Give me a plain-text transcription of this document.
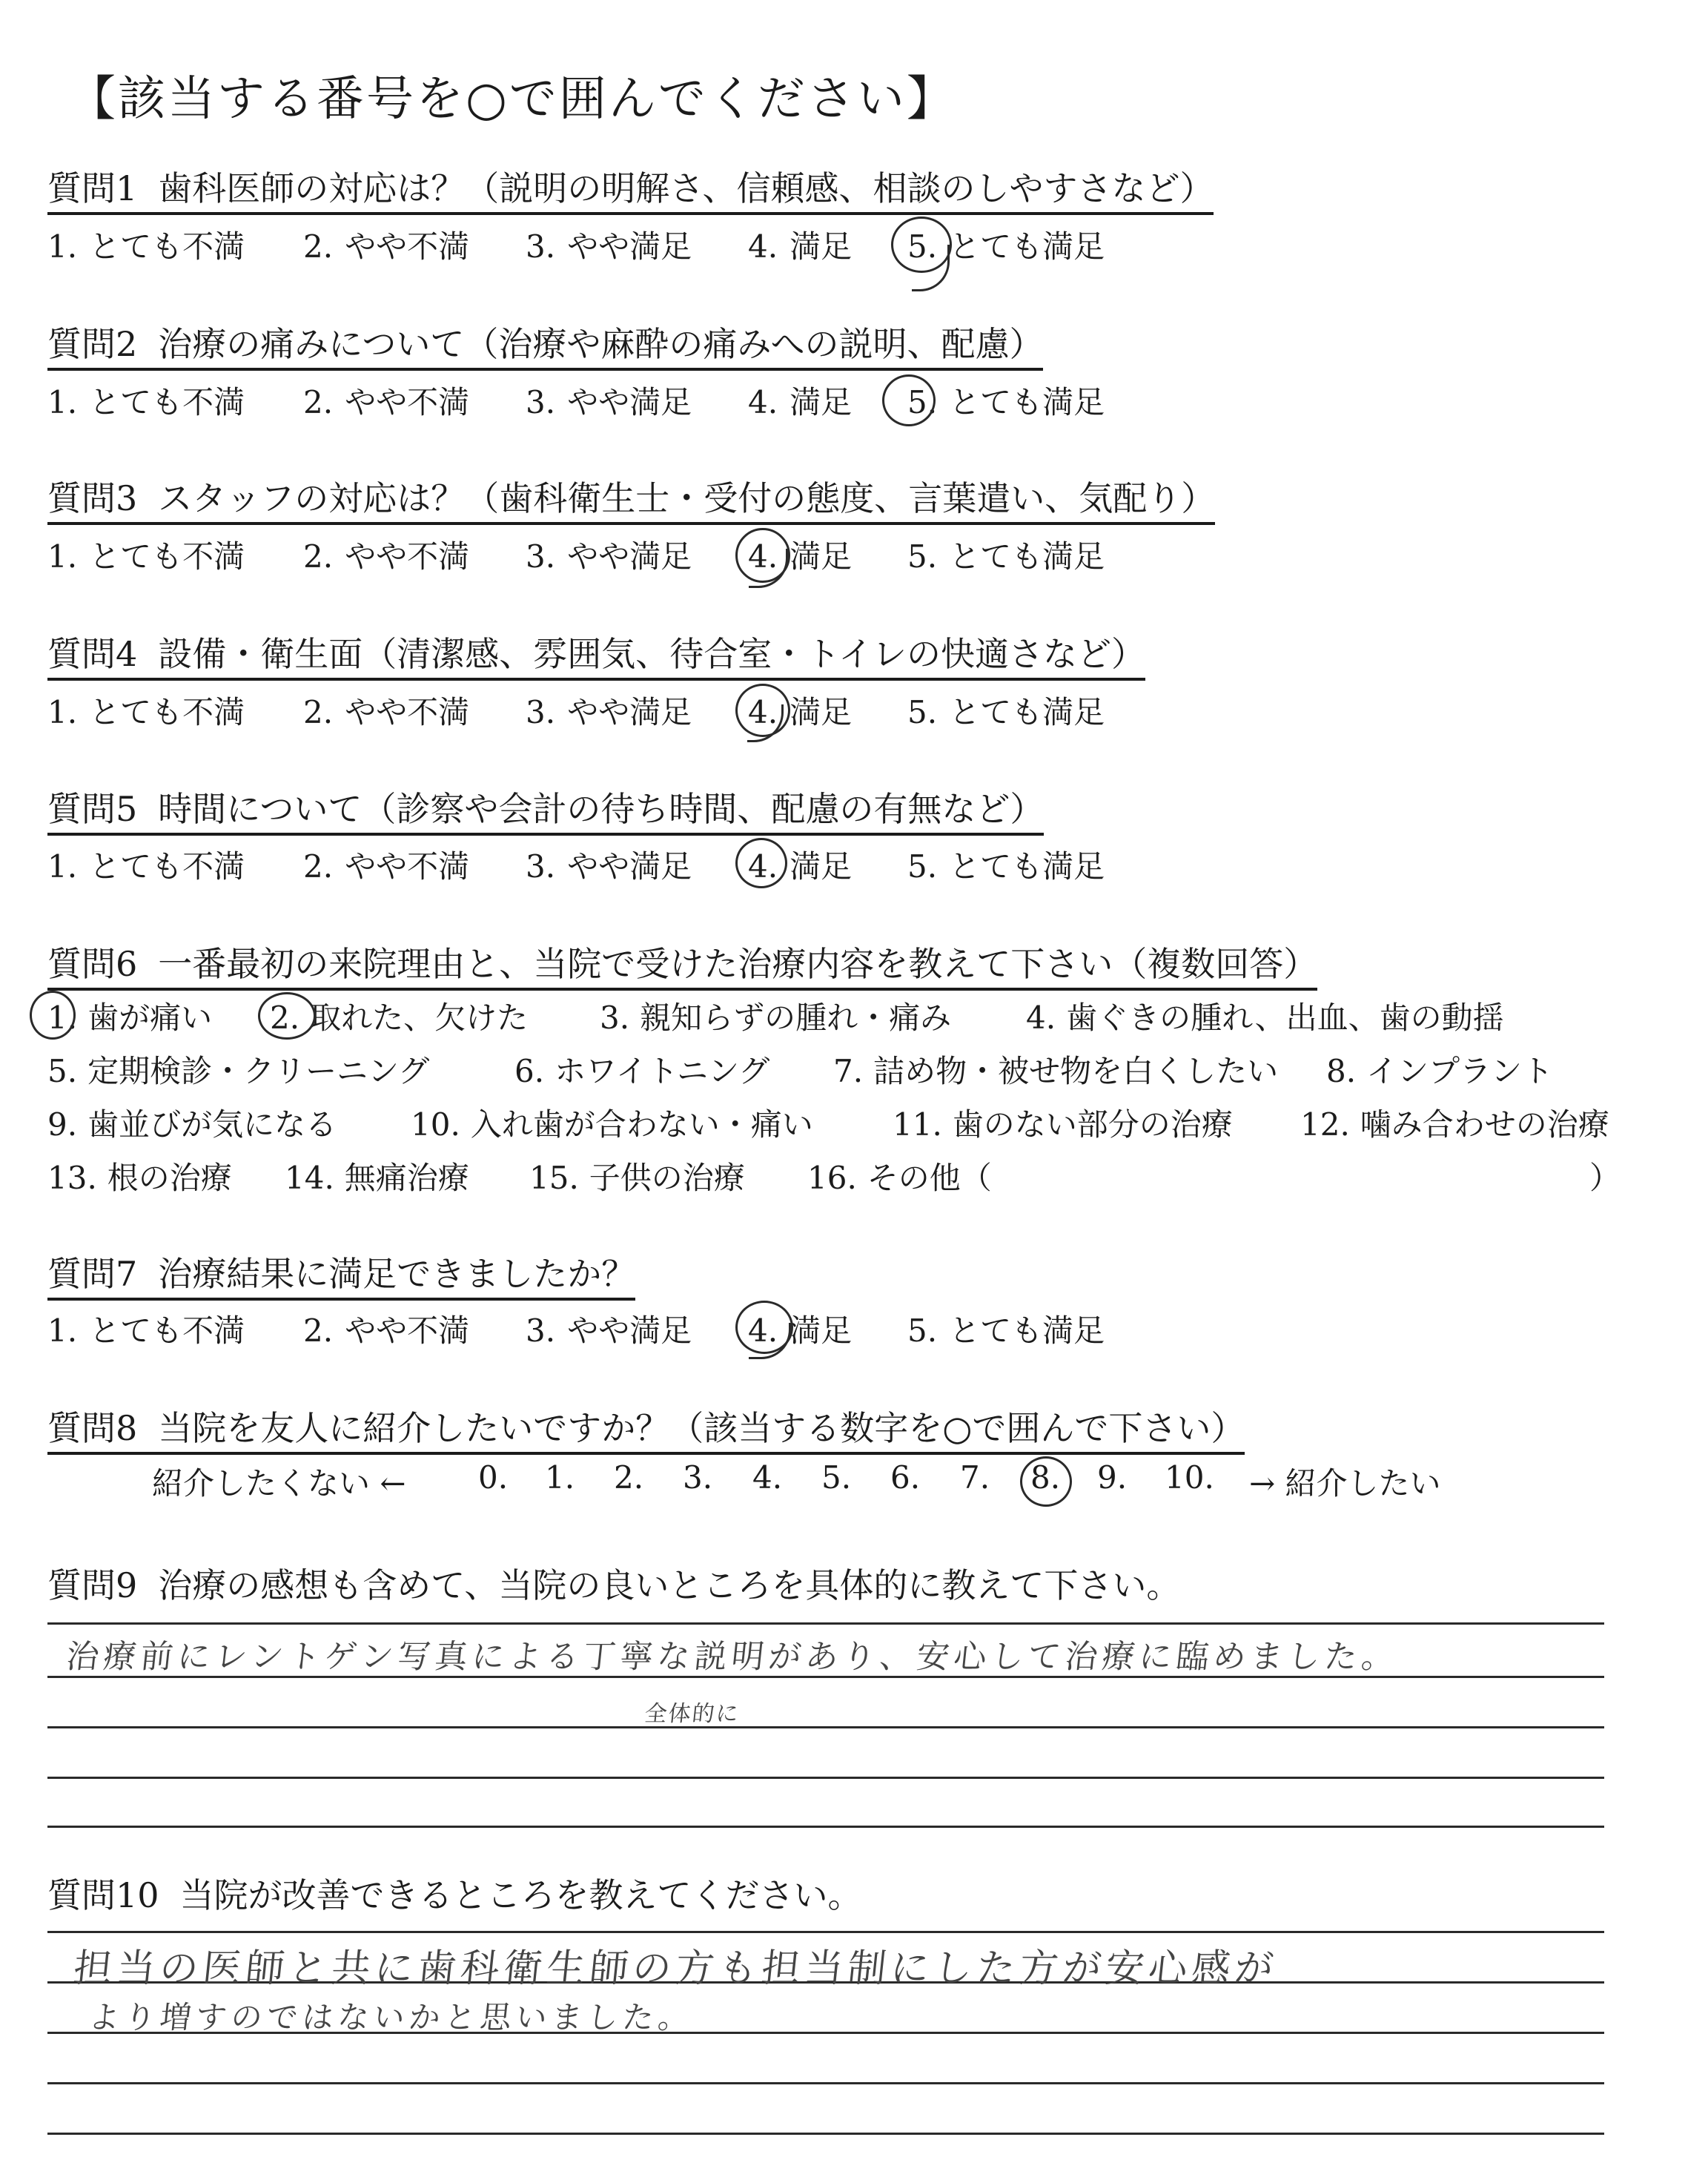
【該当する番号を○で囲んでください】
質問1 歯科医師の対応は？（説明の明解さ、信頼感、相談のしやすさなど）
1. とても不満 2. やや不満 3. やや満足 4. 満足 5. とても満足
質問2 治療の痛みについて（治療や麻酔の痛みへの説明、配慮）
1. とても不満 2. やや不満 3. やや満足 4. 満足 5. とても満足
質問3 スタッフの対応は？（歯科衛生士・受付の態度、言葉遣い、気配り）
1. とても不満 2. やや不満 3. やや満足 4. 満足 5. とても満足
質問4 設備・衛生面（清潔感、雰囲気、待合室・トイレの快適さなど）
1. とても不満 2. やや不満 3. やや満足 4. 満足 5. とても満足
質問5 時間について（診察や会計の待ち時間、配慮の有無など）
1. とても不満 2. やや不満 3. やや満足 4. 満足 5. とても満足
質問6 一番最初の来院理由と、当院で受けた治療内容を教えて下さい（複数回答）
1. 歯が痛い 2. 取れた、欠けた 3. 親知らずの腫れ・痛み 4. 歯ぐきの腫れ、出血、歯の動揺
5. 定期検診・クリーニング	6. ホワイトニング 7. 詰め物・被せ物を白くしたい 8. インプラント
9. 歯並びが気になる 10. 入れ歯が合わない・痛い	11. 歯のない部分の治療 12. 噛み合わせの治療
13. 根の治療 14. 無痛治療 15. 子供の治療 16. その他（	）
質問7 治療結果に満足できましたか？
1. とても不満 2. やや不満 3. やや満足 4. 満足 5. とても満足
質問8 当院を友人に紹介したいですか？（該当する数字を○で囲んで下さい）
紹介したくない ← 0. 1. 2. 3. 4. 5. 6. 7. 8. 9. 10. → 紹介したい
質問9 治療の感想も含めて、当院の良いところを具体的に教えて下さい。
治療前にレントゲン写真による丁寧な説明があり、安心して治療に臨めました。
全体的に
質問10 当院が改善できるところを教えてください。
担当の医師と共に歯科衛生師の方も担当制にした方が安心感が
より増すのではないかと思いました。
